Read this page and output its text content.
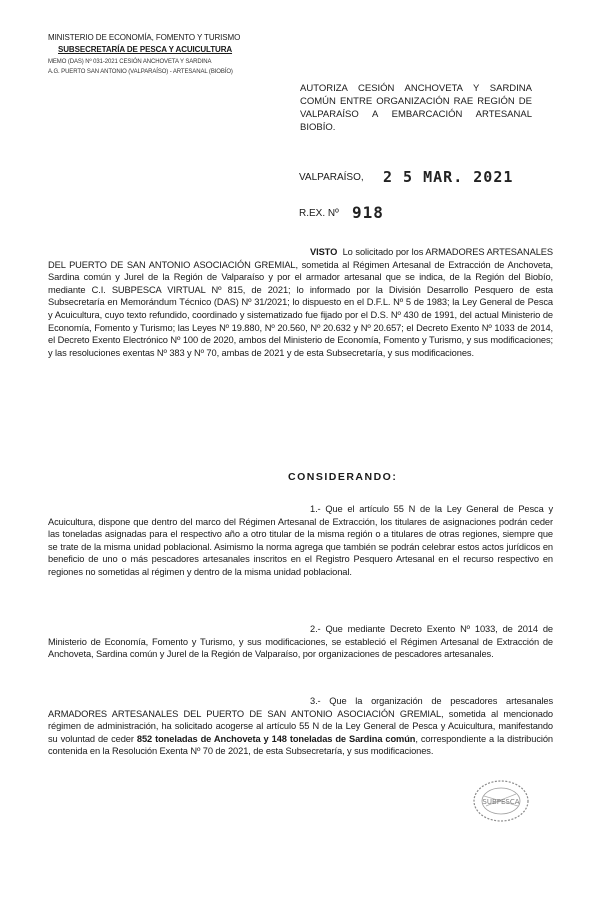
MINISTERIO DE ECONOMÍA, FOMENTO Y TURISMO
SUBSECRETARÍA DE PESCA Y ACUICULTURA
MEMO (DAS) Nº 031-2021 CESIÓN ANCHOVETA Y SARDINA
A.G. PUERTO SAN ANTONIO (VALPARAÍSO) - ARTESANAL (BIOBÍO)
AUTORIZA CESIÓN ANCHOVETA Y SARDINA COMÚN ENTRE ORGANIZACIÓN RAE REGIÓN DE VALPARAÍSO A EMBARCACIÓN ARTESANAL BIOBÍO.
VALPARAÍSO, 2 5 MAR. 2021
R.EX. Nº 918
VISTO Lo solicitado por los ARMADORES ARTESANALES DEL PUERTO DE SAN ANTONIO ASOCIACIÓN GREMIAL, sometida al Régimen Artesanal de Extracción de Anchoveta, Sardina común y Jurel de la Región de Valparaíso y por el armador artesanal que se indica, de la Región del Biobío, mediante C.I. SUBPESCA VIRTUAL Nº 815, de 2021; lo informado por la División Desarrollo Pesquero de esta Subsecretaría en Memorándum Técnico (DAS) Nº 31/2021; lo dispuesto en el D.F.L. Nº 5 de 1983; la Ley General de Pesca y Acuicultura, cuyo texto refundido, coordinado y sistematizado fue fijado por el D.S. Nº 430 de 1991, del actual Ministerio de Economía, Fomento y Turismo; las Leyes Nº 19.880, Nº 20.560, Nº 20.632 y Nº 20.657; el Decreto Exento Nº 1033 de 2014, el Decreto Exento Electrónico Nº 100 de 2020, ambos del Ministerio de Economía, Fomento y Turismo, y sus modificaciones; y las resoluciones exentas Nº 383 y Nº 70, ambas de 2021 y de esta Subsecretaría, y sus modificaciones.
CONSIDERANDO:
1.- Que el artículo 55 N de la Ley General de Pesca y Acuicultura, dispone que dentro del marco del Régimen Artesanal de Extracción, los titulares de asignaciones podrán ceder las toneladas asignadas para el respectivo año a otro titular de la misma región o a titulares de otras regiones, siempre que se trate de la misma unidad poblacional. Asimismo la norma agrega que también se podrán celebrar estos actos jurídicos en beneficio de uno o más pescadores artesanales inscritos en el Registro Pesquero Artesanal en el recurso respectivo en regiones no sometidas al régimen y dentro de la misma unidad poblacional.
2.- Que mediante Decreto Exento Nº 1033, de 2014 de Ministerio de Economía, Fomento y Turismo, y sus modificaciones, se estableció el Régimen Artesanal de Extracción de Anchoveta, Sardina común y Jurel de la Región de Valparaíso, por organizaciones de pescadores artesanales.
3.- Que la organización de pescadores artesanales ARMADORES ARTESANALES DEL PUERTO DE SAN ANTONIO ASOCIACIÓN GREMIAL, sometida al mencionado régimen de administración, ha solicitado acogerse al artículo 55 N de la Ley General de Pesca y Acuicultura, manifestando su voluntad de ceder 852 toneladas de Anchoveta y 148 toneladas de Sardina común, correspondiente a la distribución contenida en la Resolución Exenta Nº 70 de 2021, de esta Subsecretaría, y sus modificaciones.
SUBPESCA
